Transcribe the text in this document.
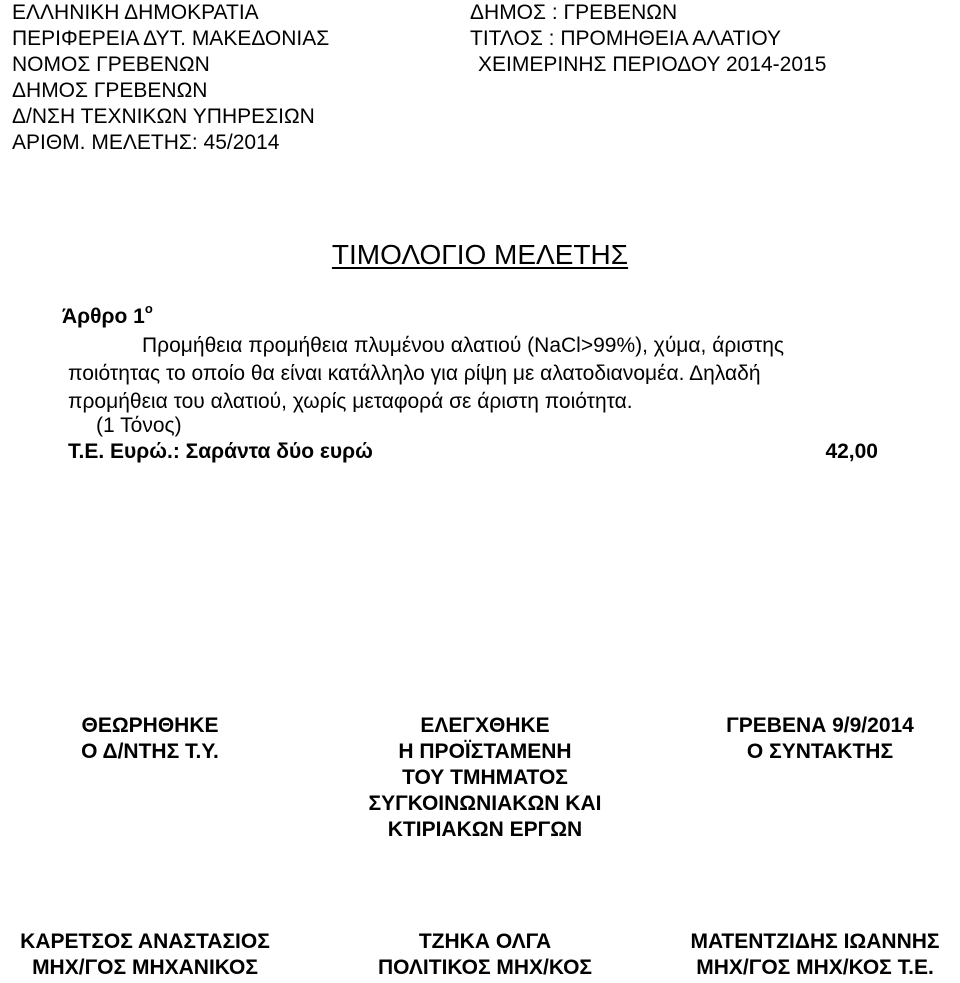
ΕΛΛΗΝΙΚΗ ΔΗΜΟΚΡΑΤΙΑ
ΠΕΡΙΦΕΡΕΙΑ ΔΥΤ. ΜΑΚΕΔΟΝΙΑΣ
ΝΟΜΟΣ ΓΡΕΒΕΝΩΝ
ΔΗΜΟΣ ΓΡΕΒΕΝΩΝ
Δ/ΝΣΗ ΤΕΧΝΙΚΩΝ ΥΠΗΡΕΣΙΩΝ
ΑΡΙΘΜ. ΜΕΛΕΤΗΣ: 45/2014
ΔΗΜΟΣ : ΓΡΕΒΕΝΩΝ
ΤΙΤΛΟΣ : ΠΡΟΜΗΘΕΙΑ ΑΛΑΤΙΟΥ
ΧΕΙΜΕΡΙΝΗΣ ΠΕΡΙΟΔΟΥ 2014-2015
ΤΙΜΟΛΟΓΙΟ ΜΕΛΕΤΗΣ
Άρθρο $1^o$
Προμήθεια προμήθεια πλυμένου αλατιού (NaCl>99%), χύμα, άριστης
ποιότητας το οποίο θα είναι κατάλληλο για ρίψη με αλατοδιανομέα. Δηλαδή
προμήθεια του αλατιού, χωρίς μεταφορά σε άριστη ποιότητα.
(1 Τόνος)
Τ.Ε. Ευρώ.: Σαράντα δύο ευρώ	42,00
ΘΕΩΡΗΘΗΚΕ
Ο Δ/ΝΤΗΣ Τ.Υ.
ΕΛΕΓΧΘΗΚΕ
Η ΠΡΟΪΣΤΑΜΕΝΗ
ΤΟΥ ΤΜΗΜΑΤΟΣ
ΣΥΓΚΟΙΝΩΝΙΑΚΩΝ ΚΑΙ
ΚΤΙΡΙΑΚΩΝ ΕΡΓΩΝ
ΓΡΕΒΕΝΑ 9/9/2014
Ο ΣΥΝΤΑΚΤΗΣ
ΚΑΡΕΤΣΟΣ ΑΝΑΣΤΑΣΙΟΣ
ΜΗΧ/ΓΟΣ ΜΗΧΑΝΙΚΟΣ
ΤΖΗΚΑ ΟΛΓΑ
ΠΟΛΙΤΙΚΟΣ ΜΗΧ/ΚΟΣ
ΜΑΤΕΝΤΖΙΔΗΣ ΙΩΑΝΝΗΣ
ΜΗΧ/ΓΟΣ ΜΗΧ/ΚΟΣ Τ.Ε.
